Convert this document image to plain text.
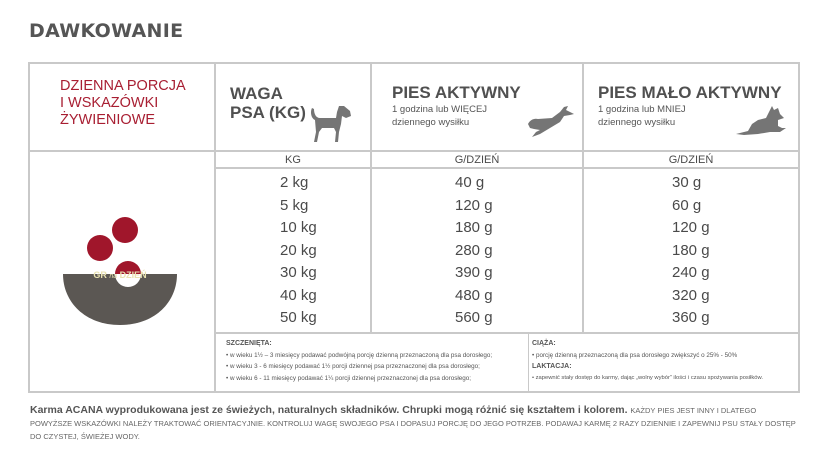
DAWKOWANIE
DZIENNA PORCJA
I WSKAZÓWKI
ŻYWIENIOWE
WAGA
PSA (KG)
PIES AKTYWNY
1 godzina lub WIĘCEJ
dziennego wysiłku
PIES MAŁO AKTYWNY
1 godzina lub MNIEJ
dziennego wysiłku
KG	G/DZIEŃ	G/DZIEŃ
GR na DZIEŃ
2 kg
5 kg
10 kg
20 kg
30 kg
40 kg
50 kg
40 g
120 g
180 g
280 g
390 g
480 g
560 g
30 g
60 g
120 g
180 g
240 g
320 g
360 g
SZCZENIĘTA:
• w wieku 1½ – 3 miesięcy podawać podwójną porcję dzienną przeznaczoną dla psa dorosłego;
• w wieku 3 - 6 miesięcy podawać 1½ porcji dziennej psa przeznaczonej dla psa dorosłego;
• w wieku 6 - 11 miesięcy podawać 1¼ porcji dziennej przeznaczonej dla psa dorosłego;
CIĄŻA:
• porcję dzienną przeznaczoną dla psa dorosłego zwiększyć o 25% - 50%
LAKTACJA:
• zapewnić stały dostęp do karmy, dając „wolny wybór” ilości i czasu spożywania posiłków.
Karma ACANA wyprodukowana jest ze świeżych, naturalnych składników. Chrupki mogą różnić się kształtem i kolorem. KAŻDY PIES JEST INNY I DLATEGO POWYŻSZE WSKAZÓWKI NALEŻY TRAKTOWAĆ ORIENTACYJNIE. KONTROLUJ WAGĘ SWOJEGO PSA I DOPASUJ PORCJĘ DO JEGO POTRZEB. PODAWAJ KARMĘ 2 RAZY DZIENNIE I ZAPEWNIJ PSU STAŁY DOSTĘP DO CZYSTEJ, ŚWIEŻEJ WODY.
